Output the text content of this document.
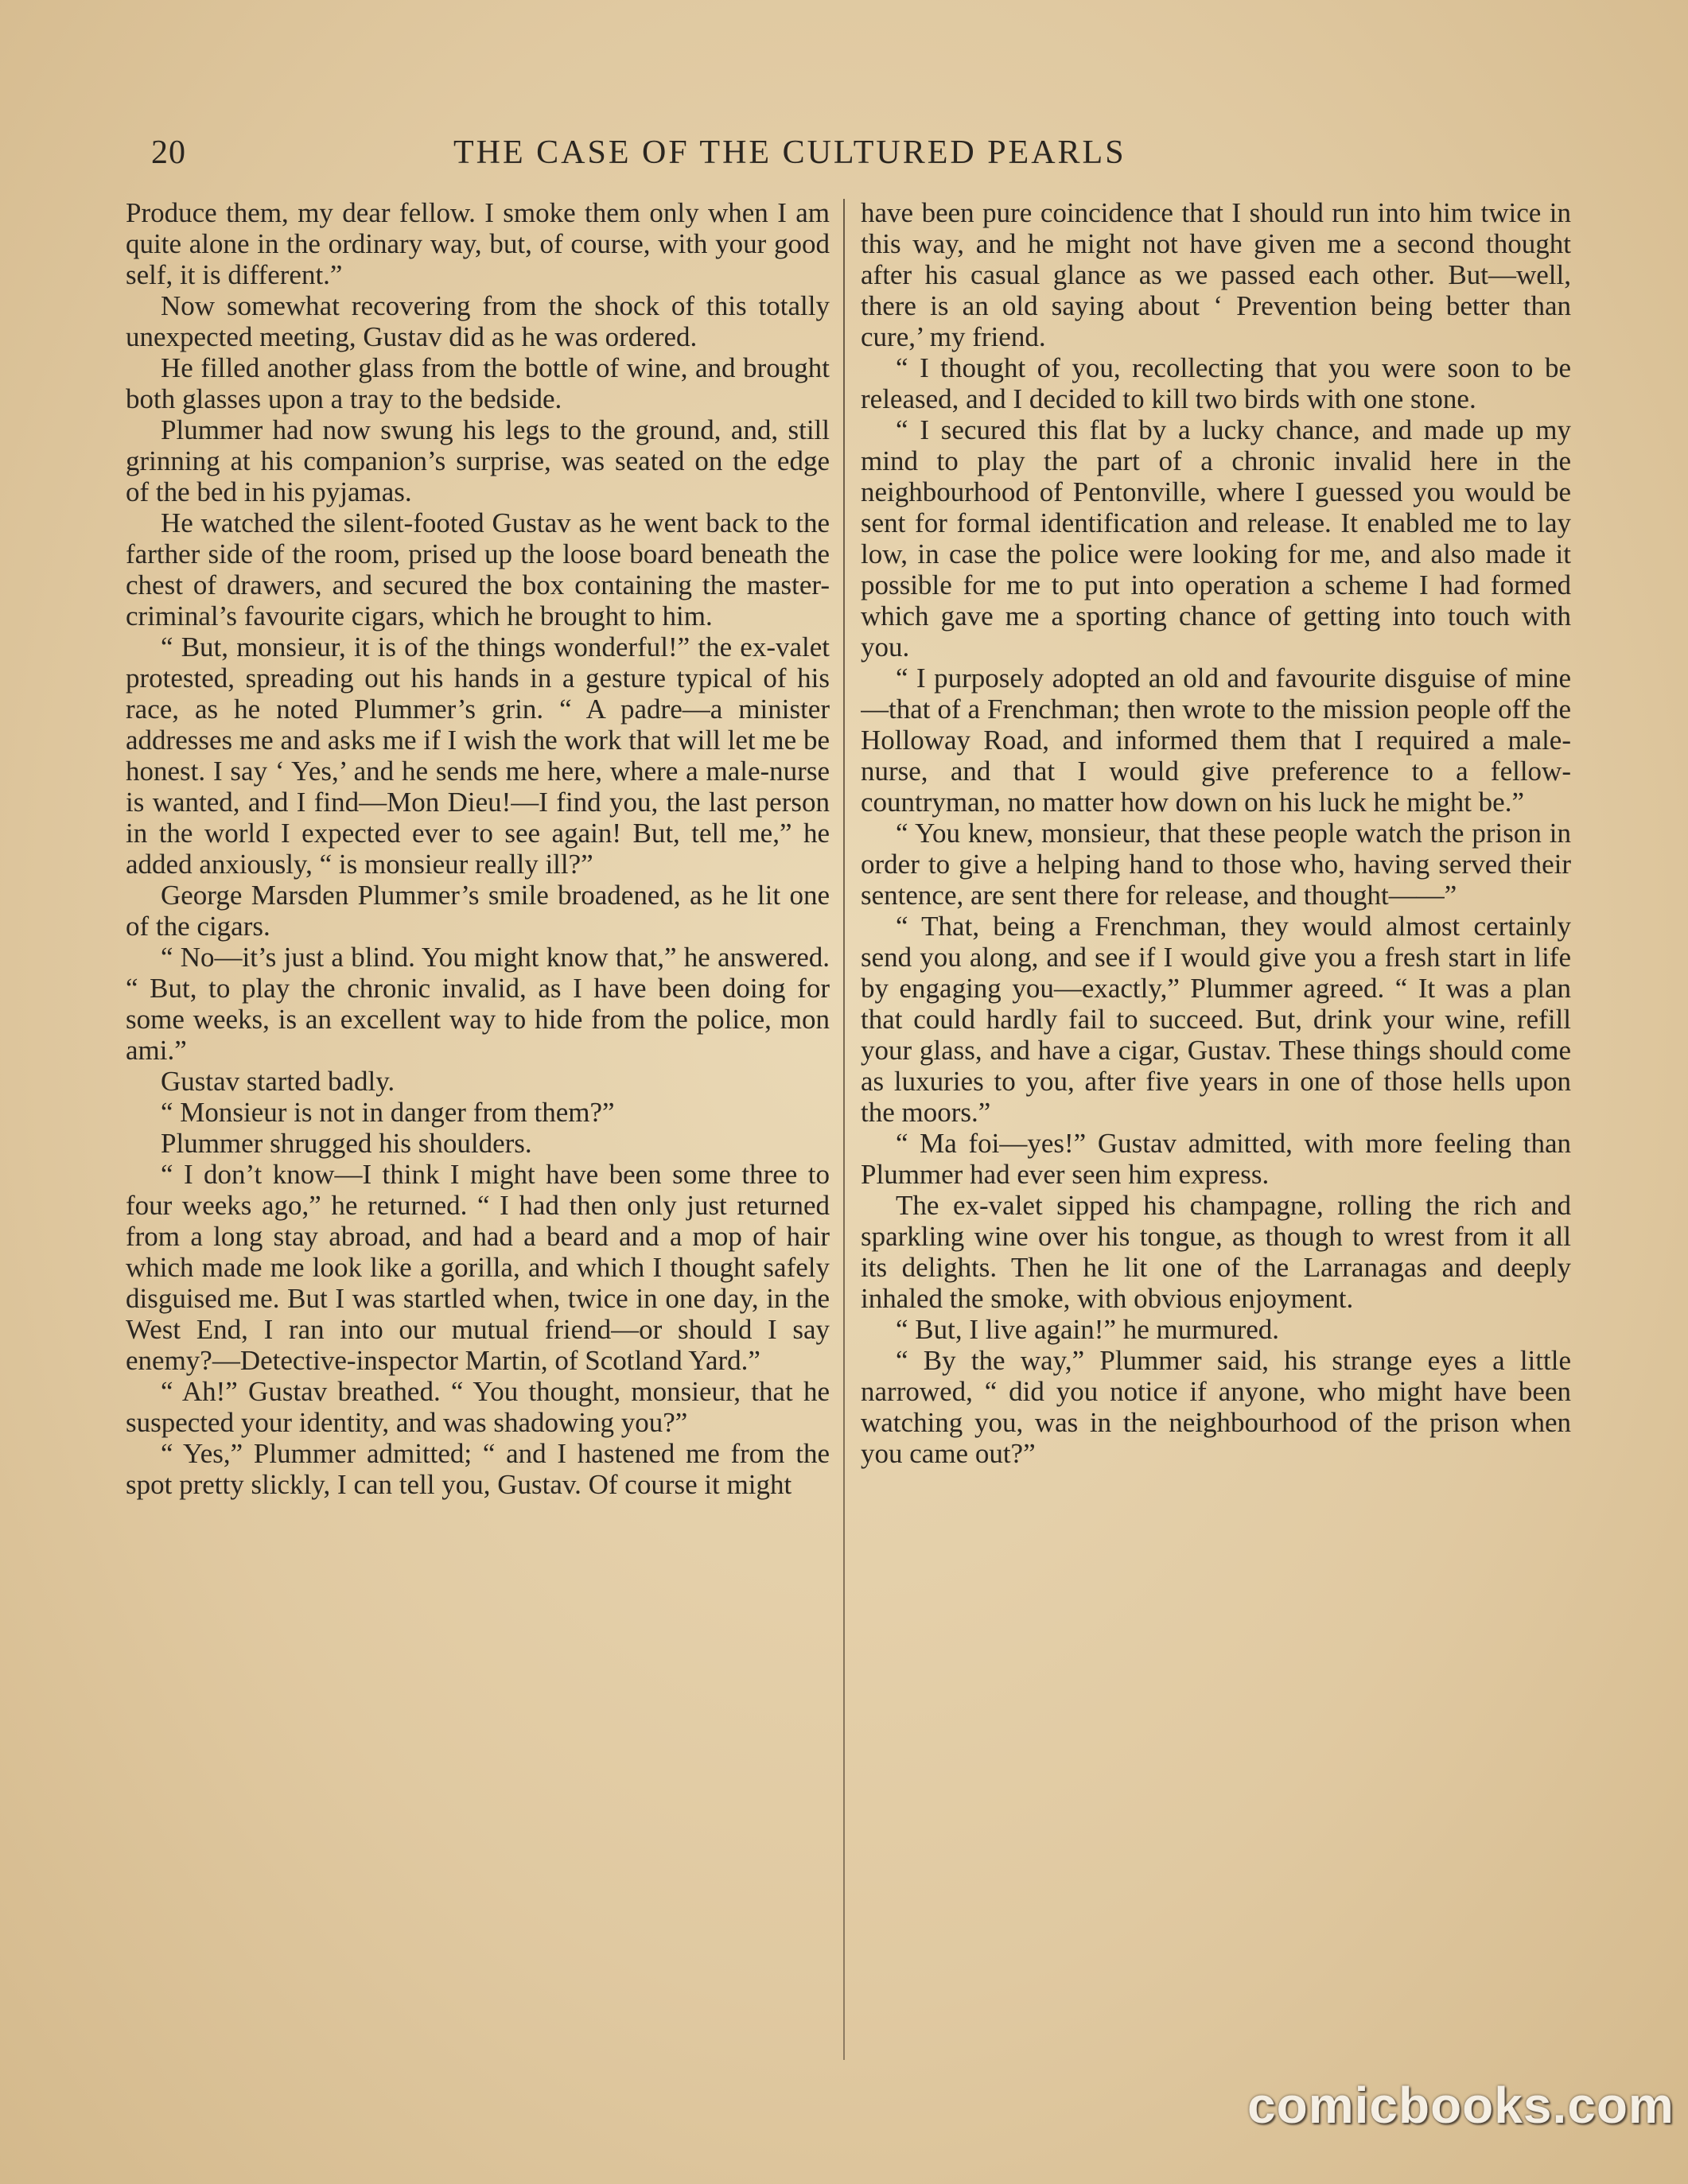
20	THE CASE OF THE CULTURED PEARLS

Produce them, my dear fellow. I smoke them only when I am quite alone in the ordinary way, but, of course, with your good self, it is different.”

Now somewhat recovering from the shock of this totally unexpected meeting, Gustav did as he was ordered.

He filled another glass from the bottle of wine, and brought both glasses upon a tray to the bedside.

Plummer had now swung his legs to the ground, and, still grinning at his companion’s surprise, was seated on the edge of the bed in his pyjamas.

He watched the silent-footed Gustav as he went back to the farther side of the room, prised up the loose board beneath the chest of drawers, and secured the box containing the master-criminal’s favourite cigars, which he brought to him.

“ But, monsieur, it is of the things wonderful!” the ex-valet protested, spreading out his hands in a gesture typical of his race, as he noted Plummer’s grin. “ A padre—a minister addresses me and asks me if I wish the work that will let me be honest. I say ‘ Yes,’ and he sends me here, where a male-nurse is wanted, and I find—Mon Dieu!—I find you, the last person in the world I expected ever to see again! But, tell me,” he added anxiously, “ is monsieur really ill?”

George Marsden Plummer’s smile broadened, as he lit one of the cigars.

“ No—it’s just a blind. You might know that,” he answered. “ But, to play the chronic invalid, as I have been doing for some weeks, is an excellent way to hide from the police, mon ami.”

Gustav started badly.

“ Monsieur is not in danger from them?”

Plummer shrugged his shoulders.

“ I don’t know—I think I might have been some three to four weeks ago,” he returned. “ I had then only just returned from a long stay abroad, and had a beard and a mop of hair which made me look like a gorilla, and which I thought safely disguised me. But I was startled when, twice in one day, in the West End, I ran into our mutual friend—or should I say enemy?—Detective-inspector Martin, of Scotland Yard.”

“ Ah!” Gustav breathed. “ You thought, monsieur, that he suspected your identity, and was shadowing you?”

“ Yes,” Plummer admitted; “ and I hastened me from the spot pretty slickly, I can tell you, Gustav. Of course it might

have been pure coincidence that I should run into him twice in this way, and he might not have given me a second thought after his casual glance as we passed each other. But—well, there is an old saying about ‘ Prevention being better than cure,’ my friend.

“ I thought of you, recollecting that you were soon to be released, and I decided to kill two birds with one stone.

“ I secured this flat by a lucky chance, and made up my mind to play the part of a chronic invalid here in the neighbourhood of Pentonville, where I guessed you would be sent for formal identification and release. It enabled me to lay low, in case the police were looking for me, and also made it possible for me to put into operation a scheme I had formed which gave me a sporting chance of getting into touch with you.

“ I purposely adopted an old and favourite disguise of mine—that of a Frenchman; then wrote to the mission people off the Holloway Road, and informed them that I required a male-nurse, and that I would give preference to a fellow-countryman, no matter how down on his luck he might be.”

“ You knew, monsieur, that these people watch the prison in order to give a helping hand to those who, having served their sentence, are sent there for release, and thought——”

“ That, being a Frenchman, they would almost certainly send you along, and see if I would give you a fresh start in life by engaging you—exactly,” Plummer agreed. “ It was a plan that could hardly fail to succeed. But, drink your wine, refill your glass, and have a cigar, Gustav. These things should come as luxuries to you, after five years in one of those hells upon the moors.”

“ Ma foi—yes!” Gustav admitted, with more feeling than Plummer had ever seen him express.

The ex-valet sipped his champagne, rolling the rich and sparkling wine over his tongue, as though to wrest from it all its delights. Then he lit one of the Larranagas and deeply inhaled the smoke, with obvious enjoyment.

“ But, I live again!” he murmured.

“ By the way,” Plummer said, his strange eyes a little narrowed, “ did you notice if anyone, who might have been watching you, was in the neighbourhood of the prison when you came out?”

comicbooks.com
